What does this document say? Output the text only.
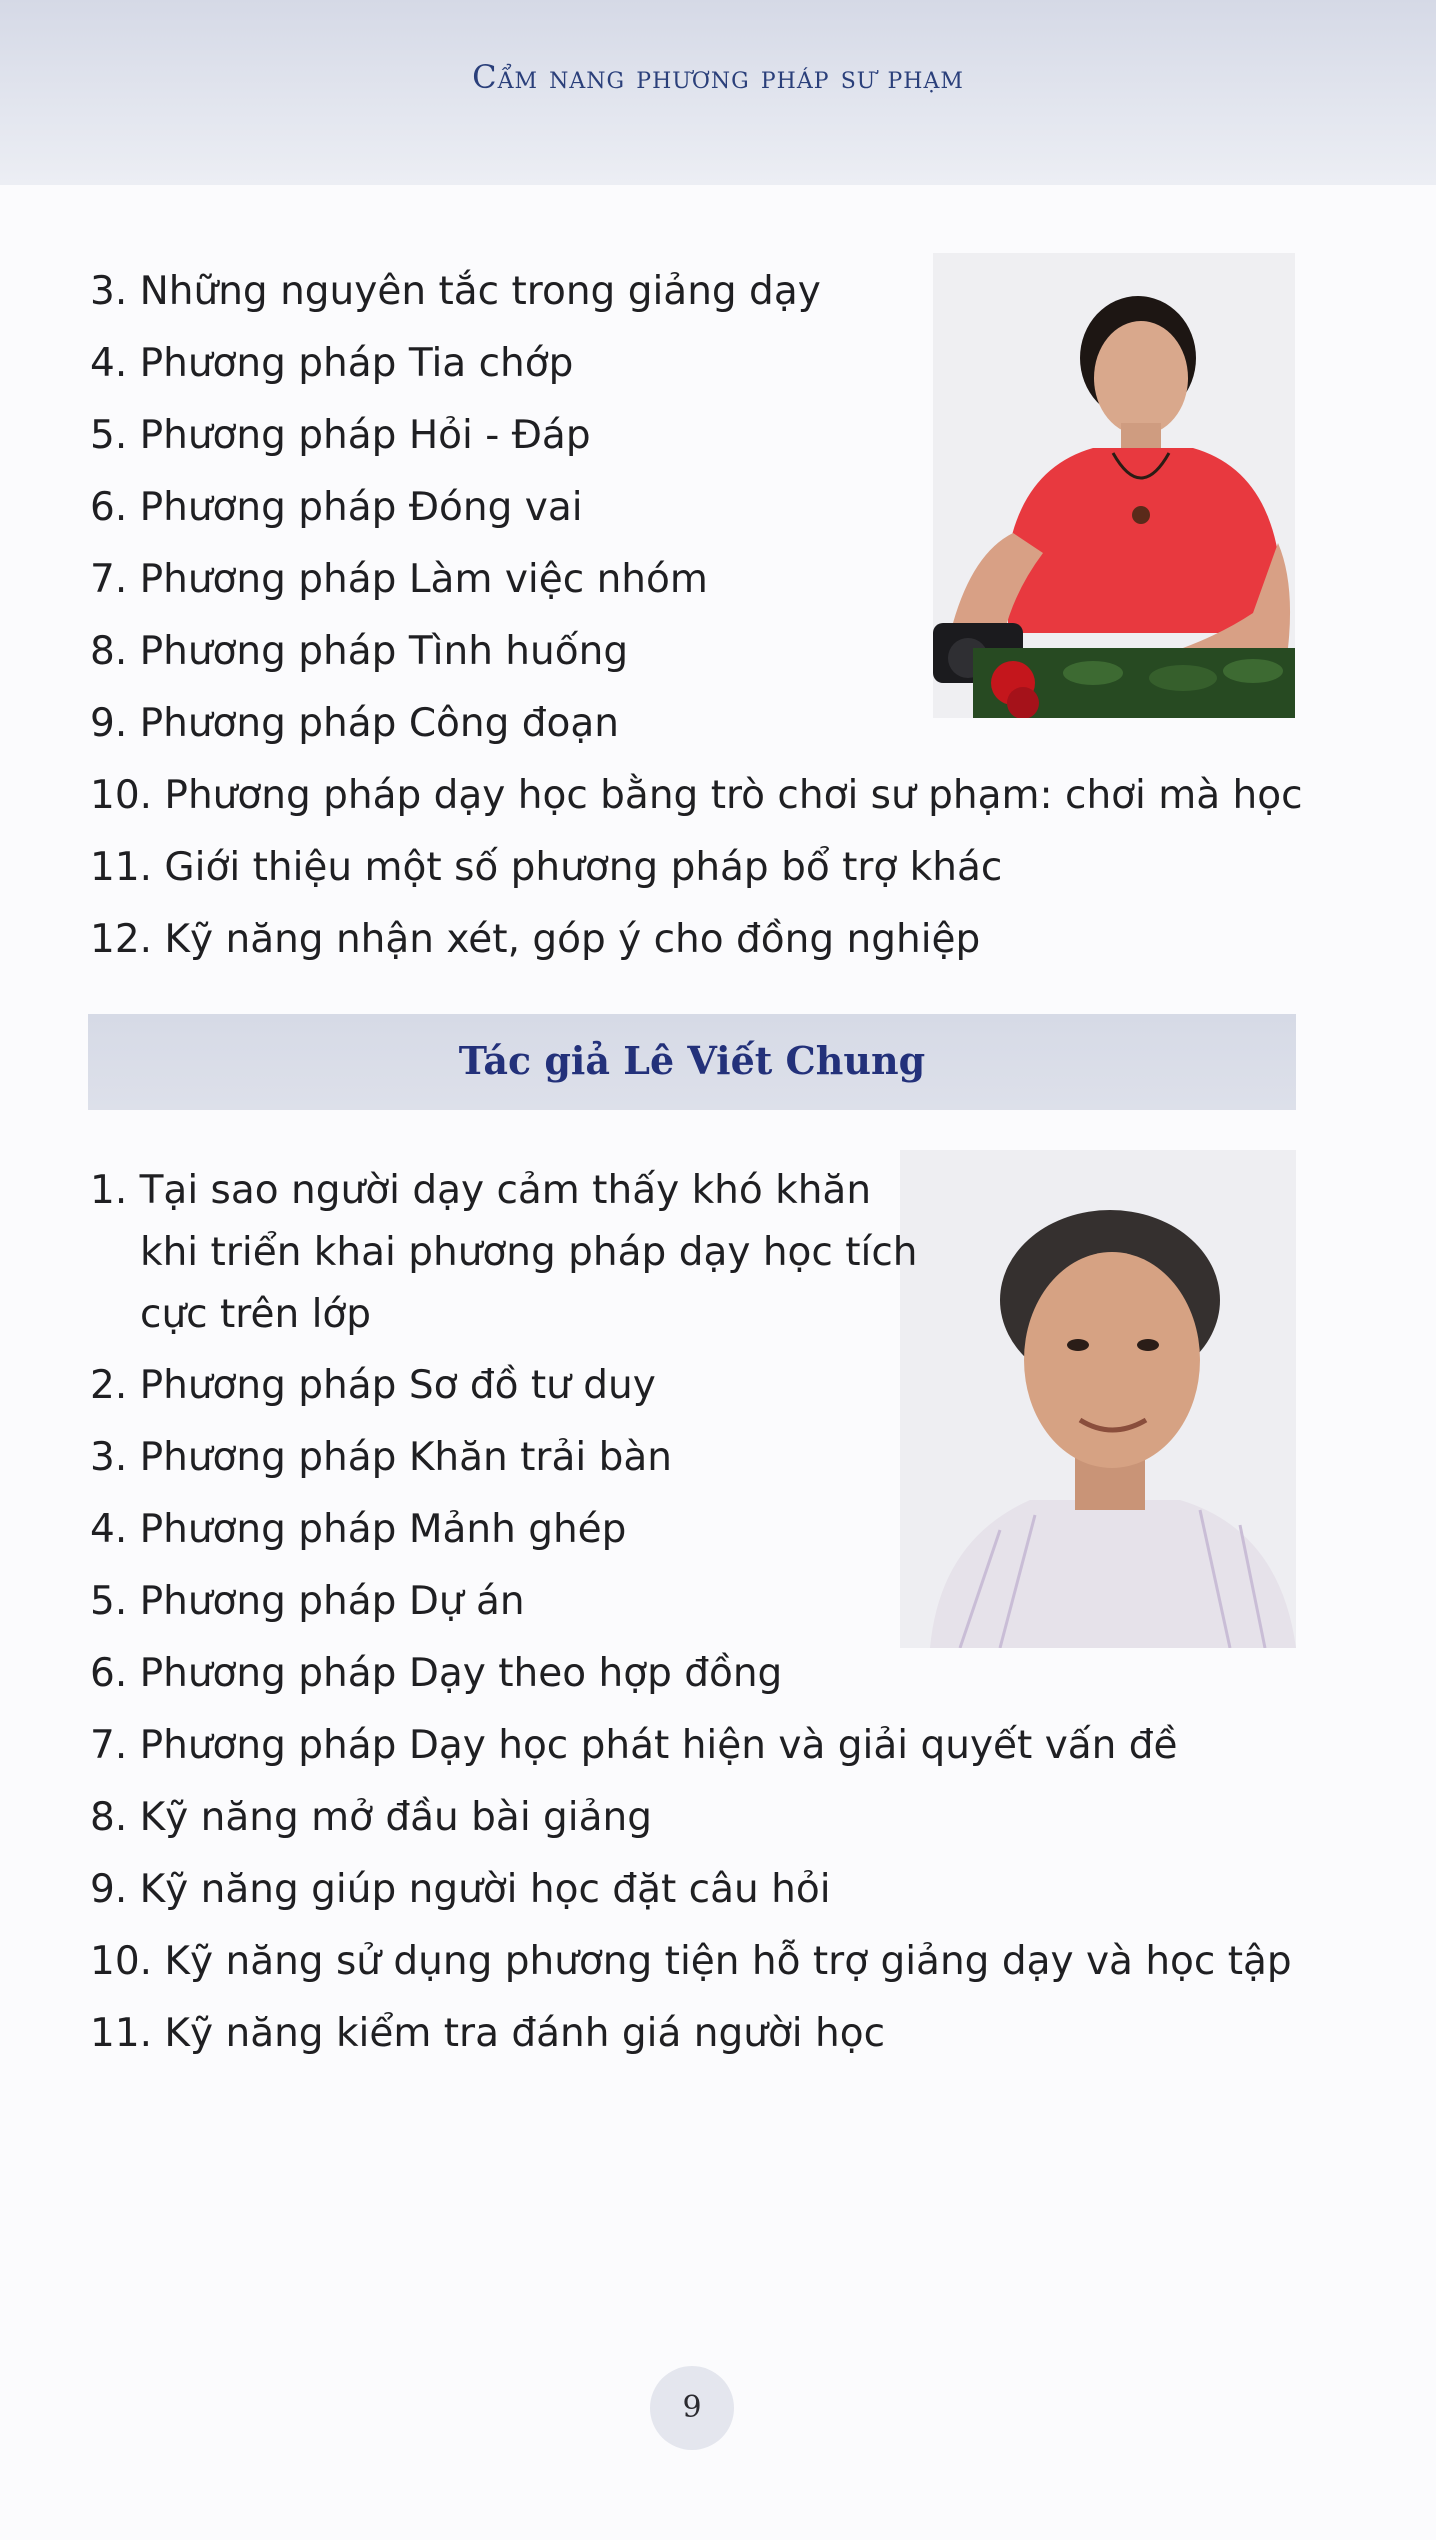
Cẩm nang phương pháp sư phạm
3. Những nguyên tắc trong giảng dạy
4. Phương pháp Tia chớp
5. Phương pháp Hỏi - Đáp
6. Phương pháp Đóng vai
7. Phương pháp Làm việc nhóm
8. Phương pháp Tình huống
9. Phương pháp Công đoạn
10. Phương pháp dạy học bằng trò chơi sư phạm: chơi mà học
11. Giới thiệu một số phương pháp bổ trợ khác
12. Kỹ năng nhận xét, góp ý cho đồng nghiệp
Tác giả Lê Viết Chung
1. Tại sao người dạy cảm thấy khó khăn khi triển khai phương pháp dạy học tích cực trên lớp
2. Phương pháp Sơ đồ tư duy
3. Phương pháp Khăn trải bàn
4. Phương pháp Mảnh ghép
5. Phương pháp Dự án
6. Phương pháp Dạy theo hợp đồng
7. Phương pháp Dạy học phát hiện và giải quyết vấn đề
8. Kỹ năng mở đầu bài giảng
9. Kỹ năng giúp người học đặt câu hỏi
10. Kỹ năng sử dụng phương tiện hỗ trợ giảng dạy và học tập
11. Kỹ năng kiểm tra đánh giá người học
9
